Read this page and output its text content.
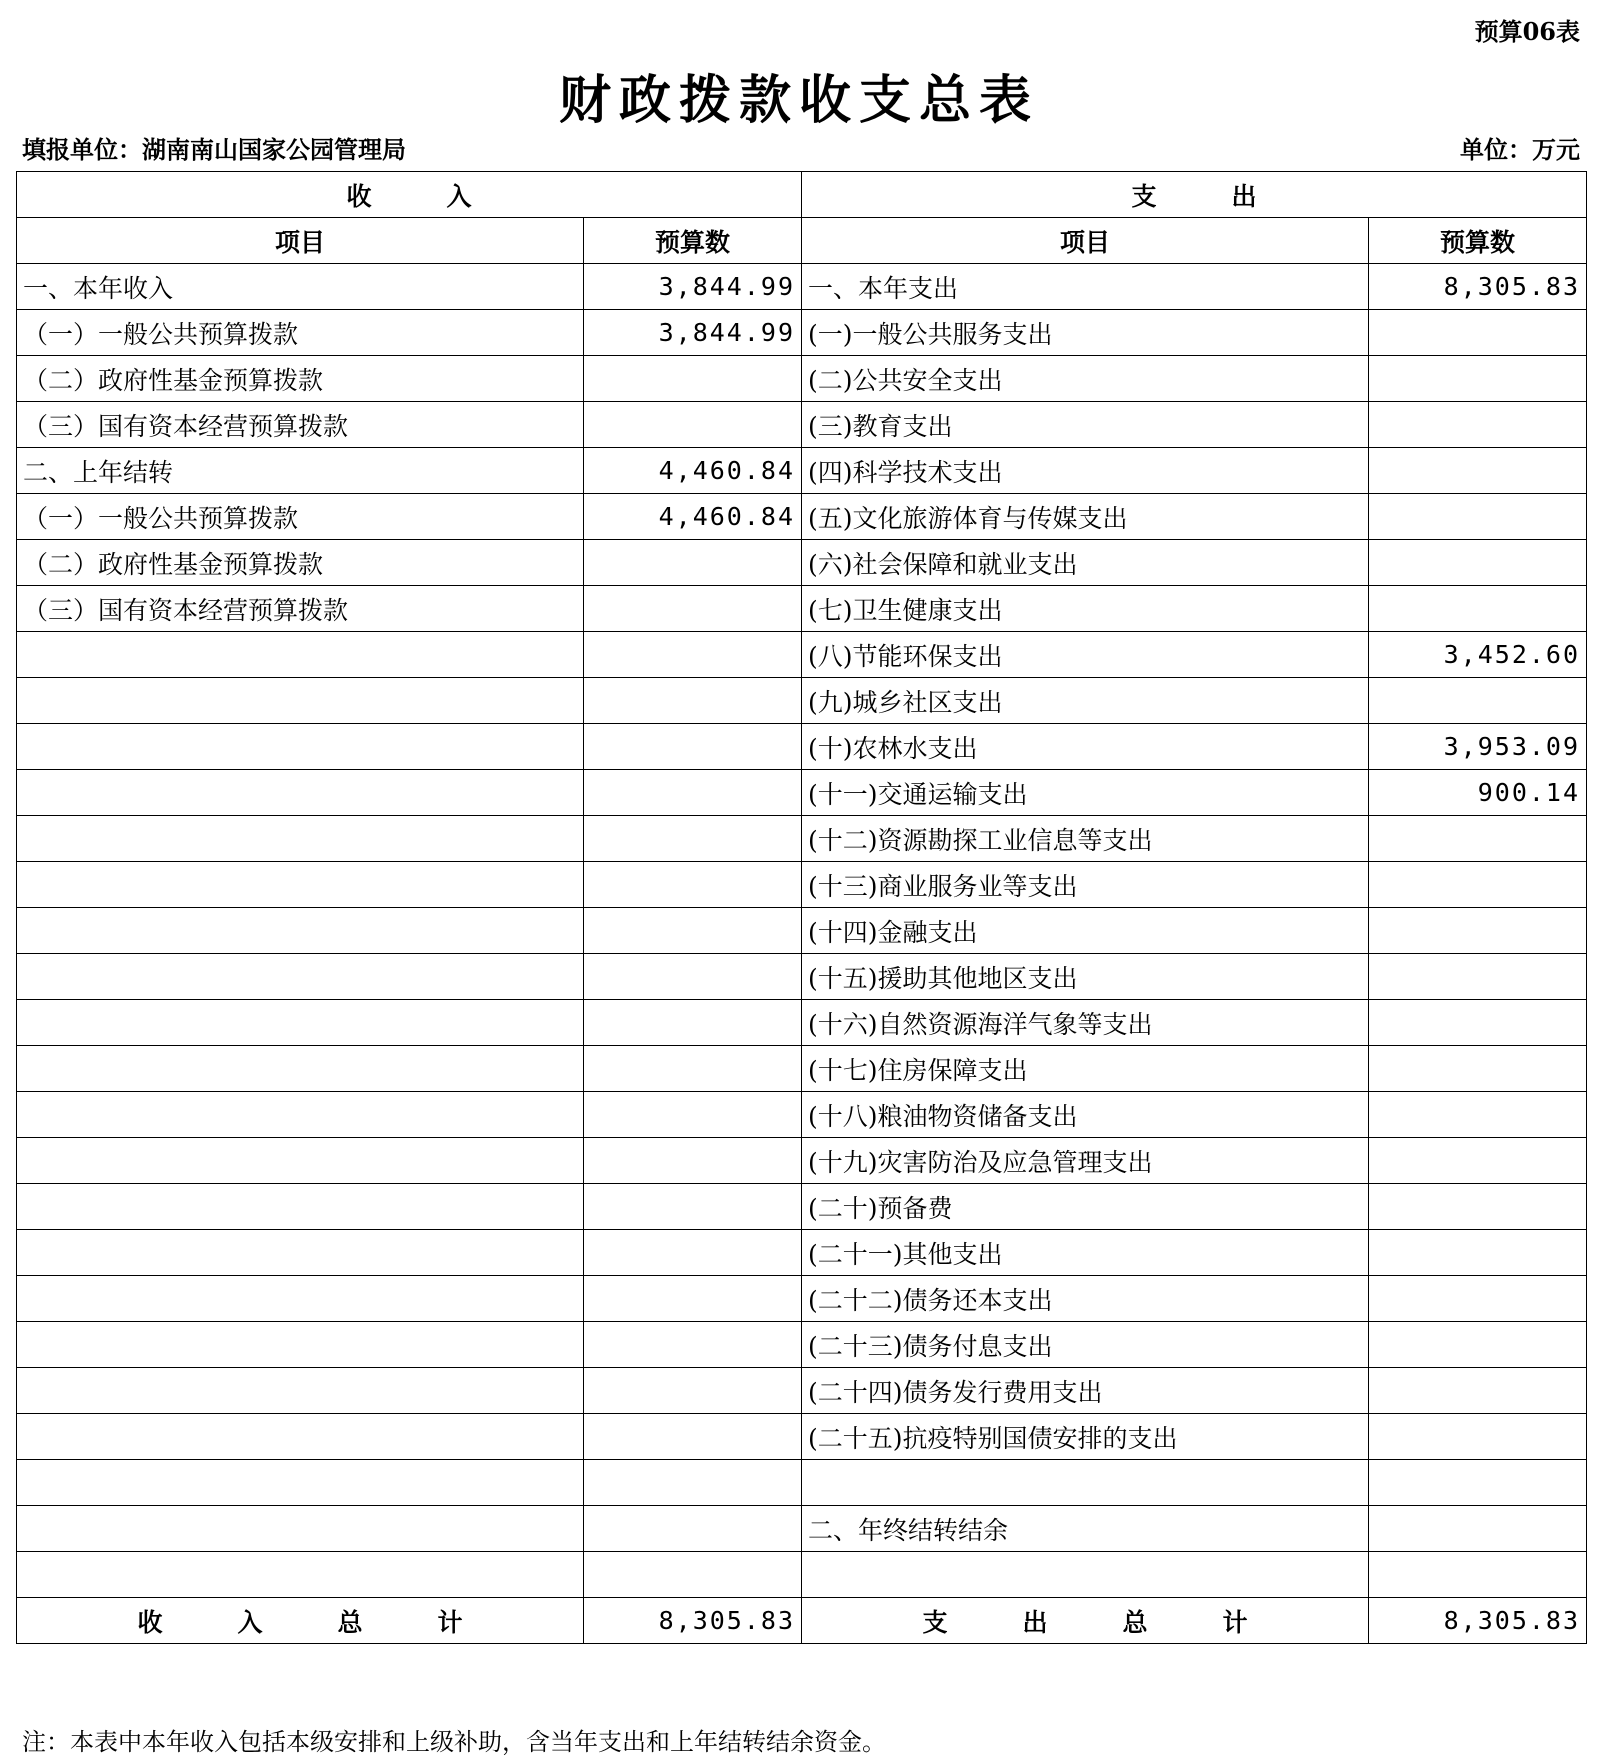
预算06表
财政拨款收支总表
填报单位：湖南南山国家公园管理局	单位：万元
收　　　入		支　　　出	
项目	预算数	项目	预算数
一、本年收入	3,844.99	一、本年支出	8,305.83
（一）一般公共预算拨款	3,844.99	(一)一般公共服务支出	
（二）政府性基金预算拨款		(二)公共安全支出	
（三）国有资本经营预算拨款		(三)教育支出	
二、上年结转	4,460.84	(四)科学技术支出	
（一）一般公共预算拨款	4,460.84	(五)文化旅游体育与传媒支出	
（二）政府性基金预算拨款		(六)社会保障和就业支出	
（三）国有资本经营预算拨款		(七)卫生健康支出	
		(八)节能环保支出	3,452.60
		(九)城乡社区支出	
		(十)农林水支出	3,953.09
		(十一)交通运输支出	900.14
		(十二)资源勘探工业信息等支出	
		(十三)商业服务业等支出	
		(十四)金融支出	
		(十五)援助其他地区支出	
		(十六)自然资源海洋气象等支出	
		(十七)住房保障支出	
		(十八)粮油物资储备支出	
		(十九)灾害防治及应急管理支出	
		(二十)预备费	
		(二十一)其他支出	
		(二十二)债务还本支出	
		(二十三)债务付息支出	
		(二十四)债务发行费用支出	
		(二十五)抗疫特别国债安排的支出	

		二、年终结转结余	

收　　　入　　　总　　　计	8,305.83	支　　　出　　　总　　　计	8,305.83
注：本表中本年收入包括本级安排和上级补助，含当年支出和上年结转结余资金。
